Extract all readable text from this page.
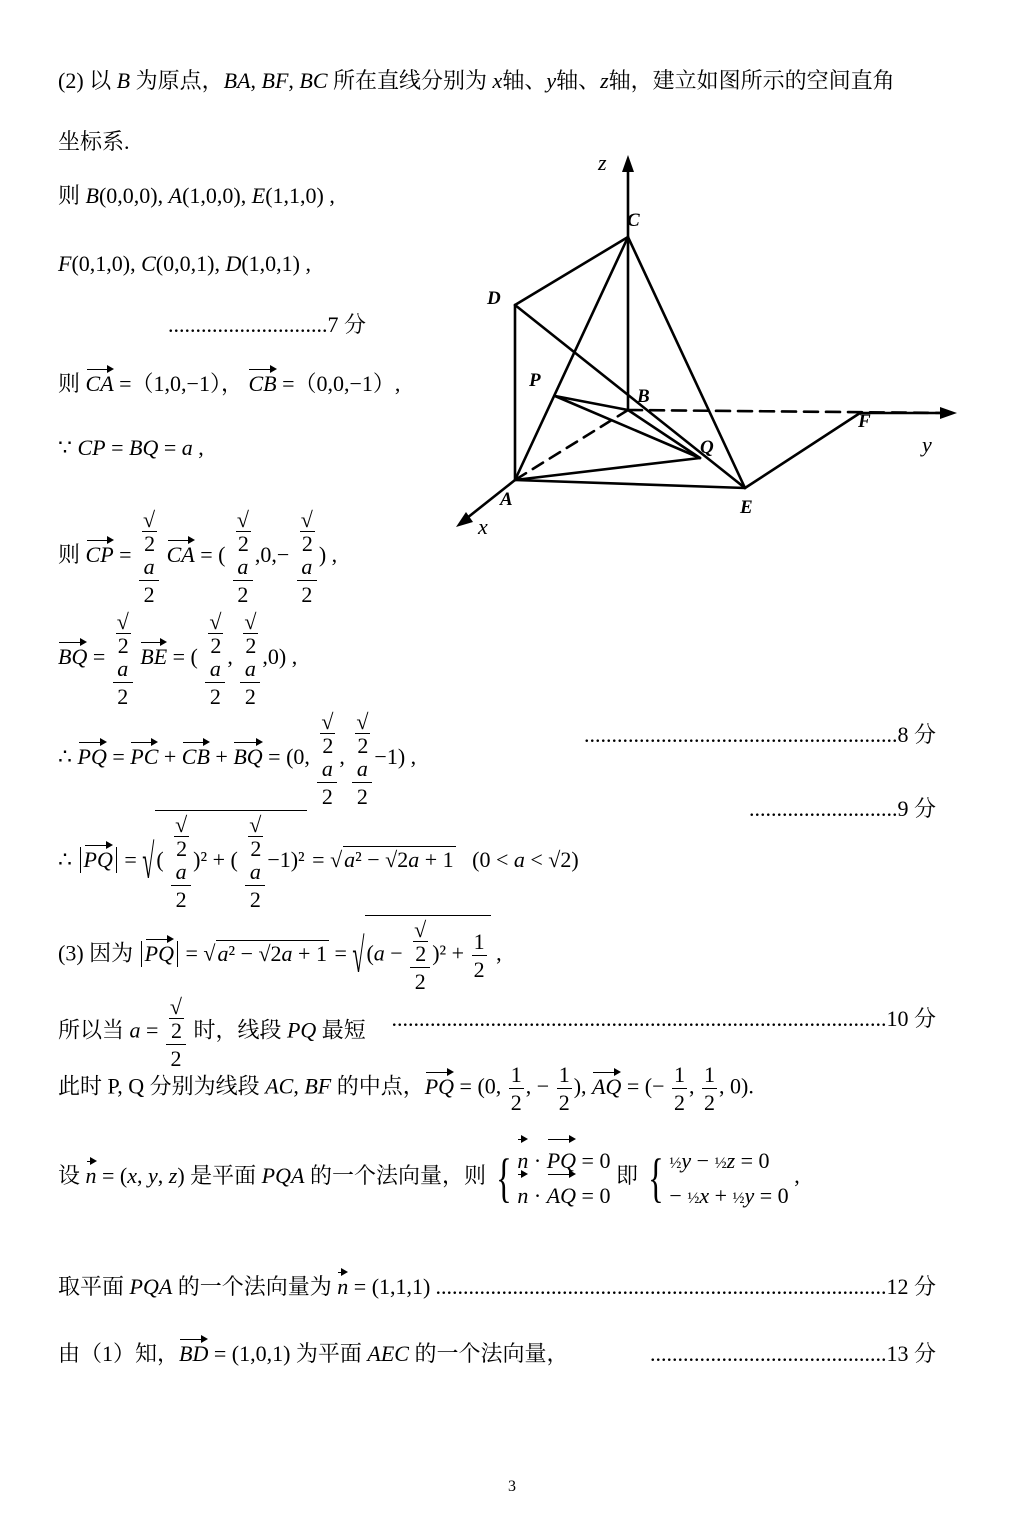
(2) 以 B 为原点，BA, BF, BC 所在直线分别为 x轴、y轴、z轴，建立如图所示的空间直角
坐标系.
则 B(0,0,0), A(1,0,0), E(1,1,0) ,
F(0,1,0), C(0,0,1), D(1,0,1) ,
.............................7 分
则 CA =（1,0,−1）， CB =（0,0,−1）,
∵ CP = BQ = a ,
则 CP = √
2
a
2 CA = ( √
2
a
2 ,0,− √
2
a
2 ) ,
BQ = √
2
a
2 BE = ( √
2
a
2 , √
2
a
2 ,0) ,
∴ PQ = PC + CB + BQ = (0, √
2
a
2 , √
2
a
2 −1) ,
.........................................................8 分
...........................9 分
∴ PQ = √( √
2
a
2 )² + ( √
2
a
2 −1)² = √a² − √2a + 1   (0 < a < √2)
(3) 因为 PQ = √a² − √2a + 1 = √(a − √
2
2 )$^2 + \frac{1}{2}$ ,
所以当 a = √
2
2 时，线段 PQ 最短 ..........................................................................................10 分
此时 P, Q 分别为线段 AC, BF 的中点，PQ = (0, $\frac{1}{2}$ , − $\frac{1}{2}$ ), AQ = (− $\frac{1}{2}$ , $\frac{1}{2}$ , 0).
设 n = (x, y, z) 是平面 PQA 的一个法向量，则 { n · PQ = 0
n · AQ = 0
即 { ½y − ½z = 0
− ½x + ½y = 0
,
取平面 PQA 的一个法向量为 n = (1,1,1) ..................................................................................12 分
由（1）知，BD = (1,0,1) 为平面 AEC 的一个法向量，	...........................................13 分
3
z
y
x
C
D
P
B
Q
F
A	E
